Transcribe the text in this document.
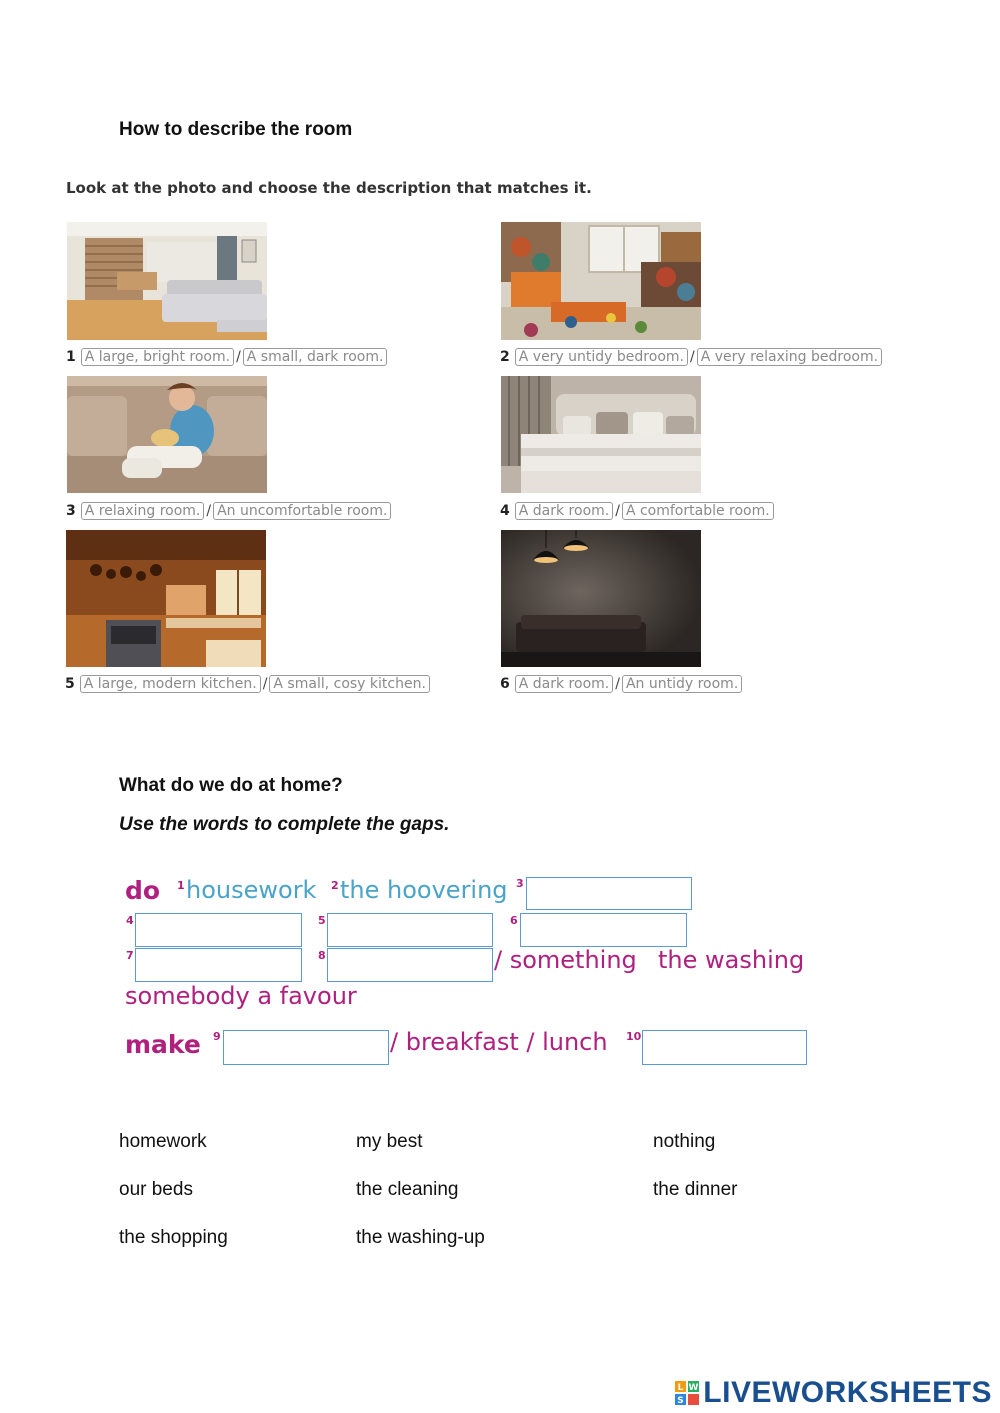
How to describe the room
Look at the photo and choose the description that matches it.
1 A large, bright room. / A small, dark room.	2 A very untidy bedroom. / A very relaxing bedroom.
3 A relaxing room. / An uncomfortable room.	4 A dark room. / A comfortable room.
5 A large, modern kitchen. / A small, cosy kitchen.	6 A dark room. / An untidy room.
What do we do at home?
Use the words to complete the gaps.
do 1 housework 2 the hoovering 3
4	5	6
7	8	/ something the washing
somebody a favour
make 9	/ breakfast / lunch 10
homework	my best	nothing
our beds	the cleaning	the dinner
the shopping	the washing-up
L W
S LIVEWORKSHEETS
